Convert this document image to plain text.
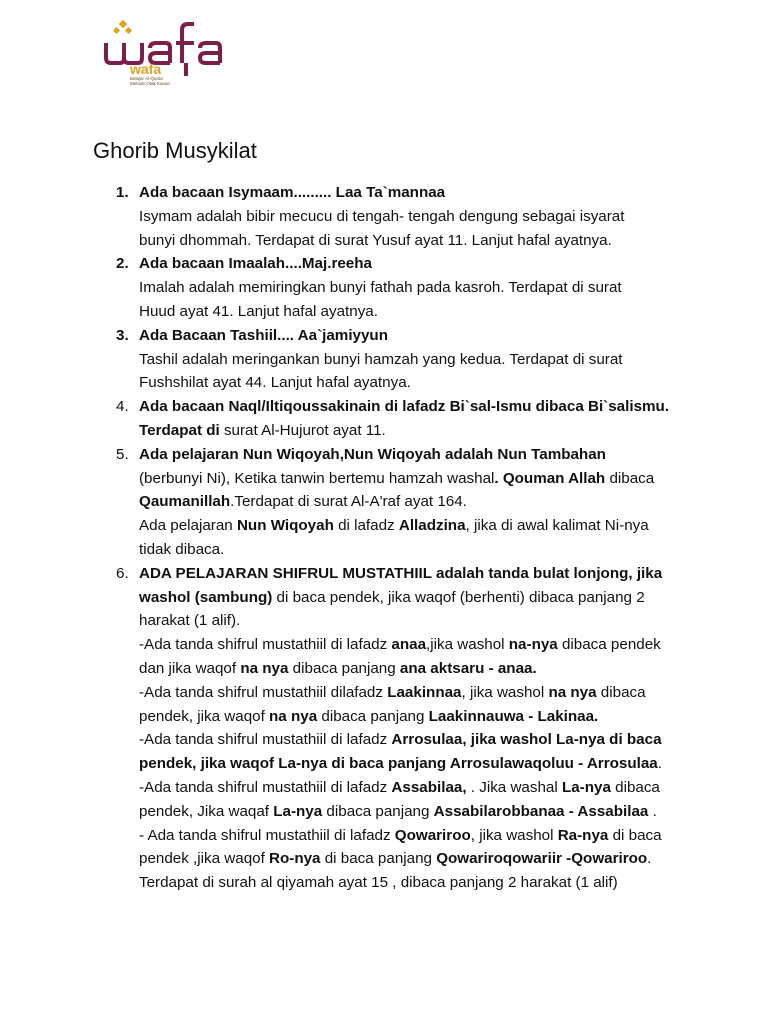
wafa
Belajar Al-Quran
Metode Otak Kanan
Ghorib Musykilat
1. Ada bacaan Isymaam......... Laa Ta`mannaa
Isymam adalah bibir mecucu di tengah- tengah dengung sebagai isyarat
bunyi dhommah. Terdapat di surat Yusuf ayat 11. Lanjut hafal ayatnya.
2. Ada bacaan Imaalah....Maj.reeha
Imalah adalah memiringkan bunyi fathah pada kasroh. Terdapat di surat
Huud ayat 41. Lanjut hafal ayatnya.
3. Ada Bacaan Tashiil.... Aa`jamiyyun
Tashil adalah meringankan bunyi hamzah yang kedua. Terdapat di surat
Fushshilat ayat 44. Lanjut hafal ayatnya.
4. Ada bacaan Naql/Iltiqoussakinain di lafadz Bi`sal-Ismu dibaca Bi`salismu.
Terdapat di surat Al-Hujurot ayat 11.
5. Ada pelajaran Nun Wiqoyah,Nun Wiqoyah adalah Nun Tambahan
(berbunyi Ni), Ketika tanwin bertemu hamzah washal. Qouman Allah dibaca
Qaumanillah.Terdapat di surat Al-A'raf ayat 164.
Ada pelajaran Nun Wiqoyah di lafadz Alladzina, jika di awal kalimat Ni-nya
tidak dibaca.
6. ADA PELAJARAN SHIFRUL MUSTATHIIL adalah tanda bulat lonjong, jika
washol (sambung) di baca pendek, jika waqof (berhenti) dibaca panjang 2
harakat (1 alif).
-Ada tanda shifrul mustathiil di lafadz anaa,jika washol na-nya dibaca pendek
dan jika waqof na nya dibaca panjang ana aktsaru - anaa.
-Ada tanda shifrul mustathiil dilafadz Laakinnaa, jika washol na nya dibaca
pendek, jika waqof na nya dibaca panjang Laakinnauwa - Lakinaa.
-Ada tanda shifrul mustathiil di lafadz Arrosulaa, jika washol La-nya di baca
pendek, jika waqof La-nya di baca panjang Arrosulawaqoluu - Arrosulaa.
-Ada tanda shifrul mustathiil di lafadz Assabilaa, . Jika washal La-nya dibaca
pendek, Jika waqaf La-nya dibaca panjang Assabilarobbanaa - Assabilaa .
- Ada tanda shifrul mustathiil di lafadz Qowariroo, jika washol Ra-nya di baca
pendek ,jika waqof Ro-nya di baca panjang Qowariroqowariir -Qowariroo.
Terdapat di surah al qiyamah ayat 15 , dibaca panjang 2 harakat (1 alif)
